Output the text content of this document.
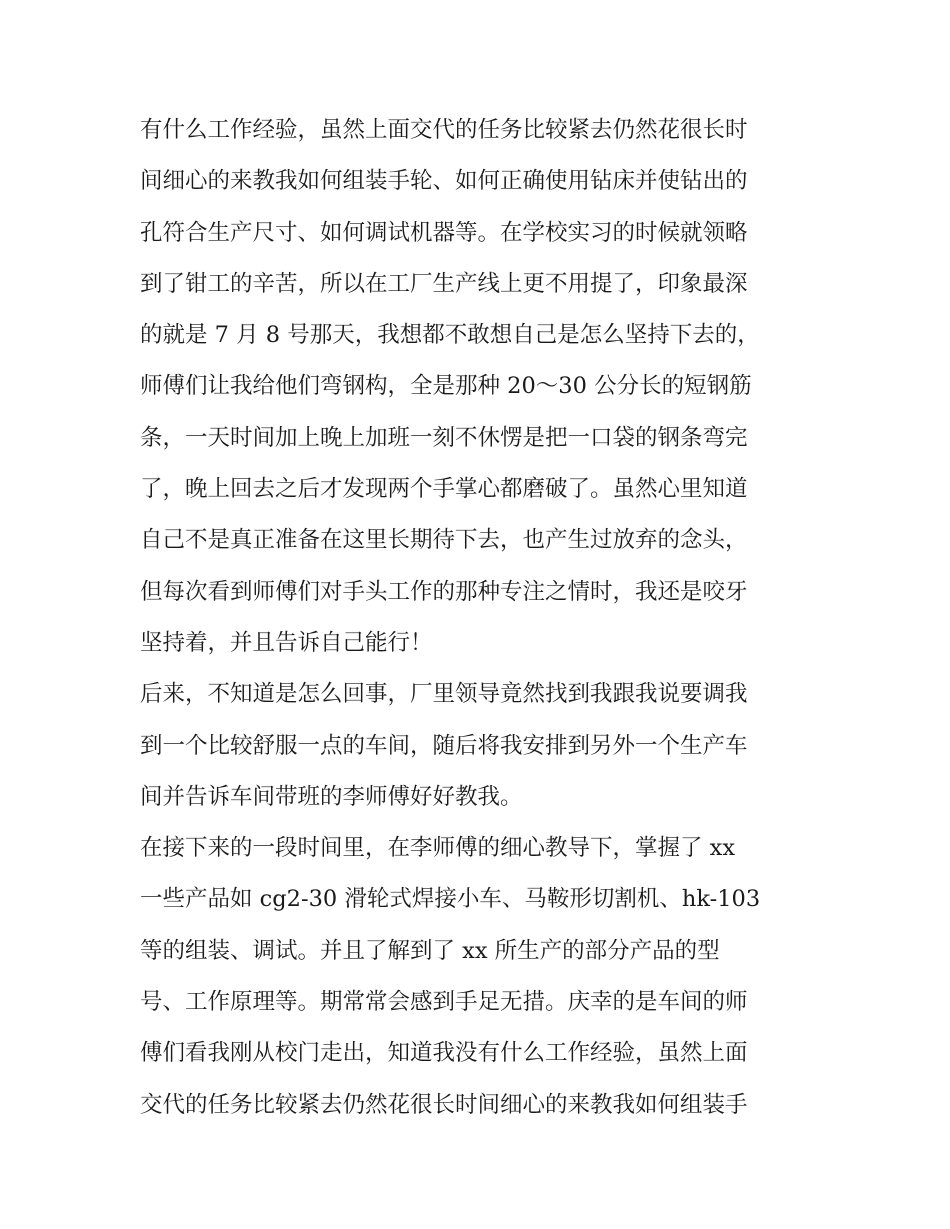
有什么工作经验，虽然上面交代的任务比较紧去仍然花很长时
间细心的来教我如何组装手轮、如何正确使用钻床并使钻出的
孔符合生产尺寸、如何调试机器等。在学校实习的时候就领略
到了钳工的辛苦，所以在工厂生产线上更不用提了，印象最深
的就是 7 月 8 号那天，我想都不敢想自己是怎么坚持下去的，
师傅们让我给他们弯钢构，全是那种 20～30 公分长的短钢筋
条，一天时间加上晚上加班一刻不休愣是把一口袋的钢条弯完
了，晚上回去之后才发现两个手掌心都磨破了。虽然心里知道
自己不是真正准备在这里长期待下去，也产生过放弃的念头，
但每次看到师傅们对手头工作的那种专注之情时，我还是咬牙
坚持着，并且告诉自己能行！
后来，不知道是怎么回事，厂里领导竟然找到我跟我说要调我
到一个比较舒服一点的车间，随后将我安排到另外一个生产车
间并告诉车间带班的李师傅好好教我。
在接下来的一段时间里，在李师傅的细心教导下，掌握了 xx
一些产品如 cg2-30 滑轮式焊接小车、马鞍形切割机、hk-103
等的组装、调试。并且了解到了 xx 所生产的部分产品的型
号、工作原理等。期常常会感到手足无措。庆幸的是车间的师
傅们看我刚从校门走出，知道我没有什么工作经验，虽然上面
交代的任务比较紧去仍然花很长时间细心的来教我如何组装手
